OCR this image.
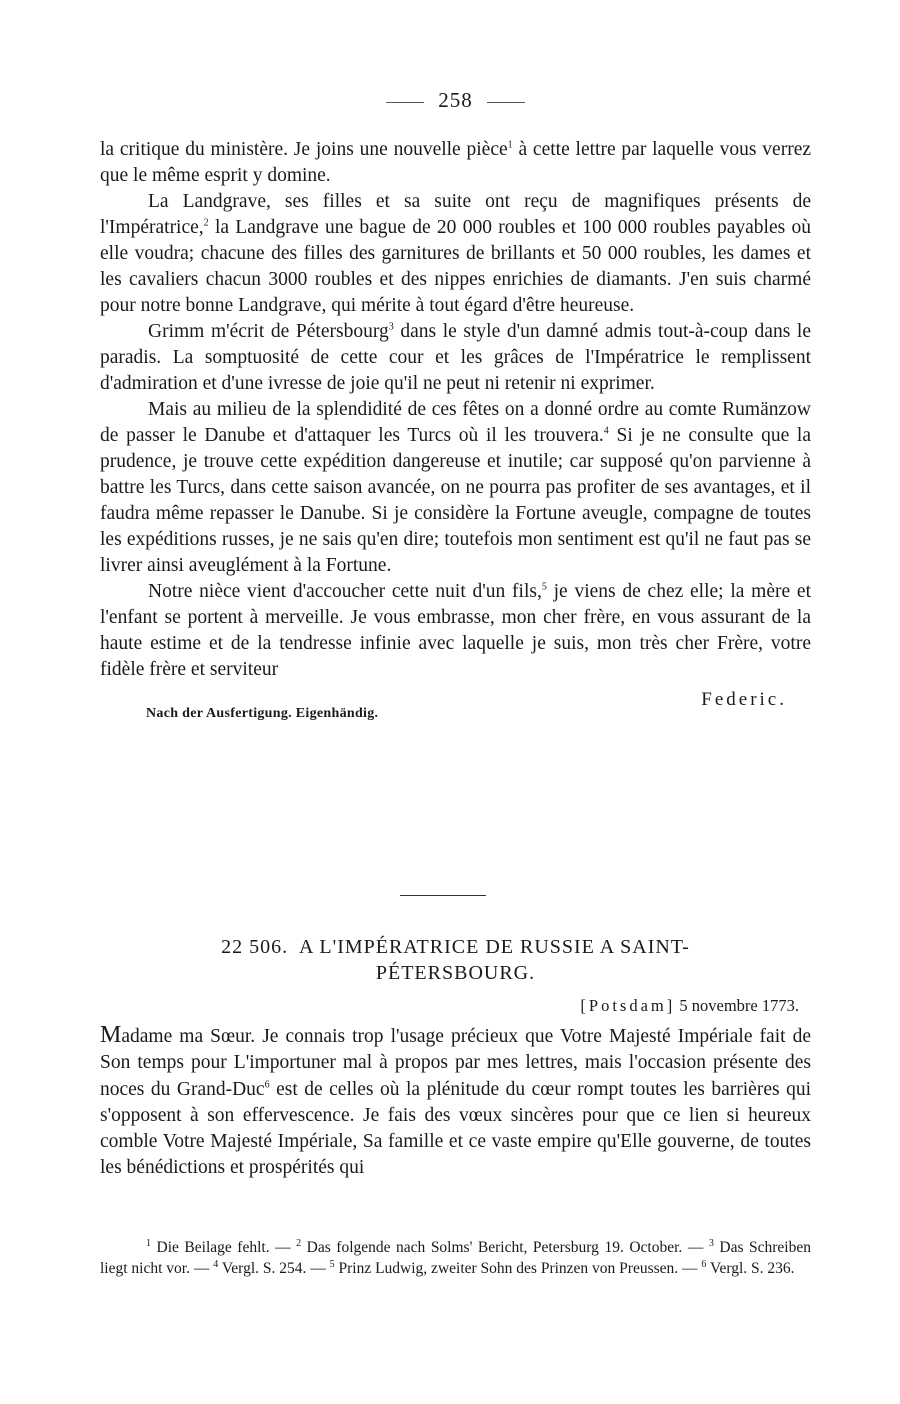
258

la critique du ministère. Je joins une nouvelle pièce$^1$ à cette lettre par laquelle vous verrez que le même esprit y domine.

La Landgrave, ses filles et sa suite ont reçu de magnifiques présents de l'Impératrice,$^2$ la Landgrave une bague de 20 000 roubles et 100 000 roubles payables où elle voudra; chacune des filles des garnitures de brillants et 50 000 roubles, les dames et les cavaliers chacun 3000 roubles et des nippes enrichies de diamants. J'en suis charmé pour notre bonne Landgrave, qui mérite à tout égard d'être heureuse.

Grimm m'écrit de Pétersbourg$^3$ dans le style d'un damné admis tout-à-coup dans le paradis. La somptuosité de cette cour et les grâces de l'Impératrice le remplissent d'admiration et d'une ivresse de joie qu'il ne peut ni retenir ni exprimer.

Mais au milieu de la splendidité de ces fêtes on a donné ordre au comte Rumänzow de passer le Danube et d'attaquer les Turcs où il les trouvera.$^4$ Si je ne consulte que la prudence, je trouve cette expédition dangereuse et inutile; car supposé qu'on parvienne à battre les Turcs, dans cette saison avancée, on ne pourra pas profiter de ses avantages, et il faudra même repasser le Danube. Si je considère la Fortune aveugle, compagne de toutes les expéditions russes, je ne sais qu'en dire; toutefois mon sentiment est qu'il ne faut pas se livrer ainsi aveuglément à la Fortune.

Notre nièce vient d'accoucher cette nuit d'un fils,$^5$ je viens de chez elle; la mère et l'enfant se portent à merveille. Je vous embrasse, mon cher frère, en vous assurant de la haute estime et de la tendresse infinie avec laquelle je suis, mon très cher Frère, votre fidèle frère et serviteur

Federic.
Nach der Ausfertigung. Eigenhändig.
22 506. A L'IMPÉRATRICE DE RUSSIE A SAINT-
PÉTERSBOURG.
[Potsdam] 5 novembre 1773.

Madame ma Sœur. Je connais trop l'usage précieux que Votre Majesté Impériale fait de Son temps pour L'importuner mal à propos par mes lettres, mais l'occasion présente des noces du Grand-Duc$^6$ est de celles où la plénitude du cœur rompt toutes les barrières qui s'opposent à son effervescence. Je fais des vœux sincères pour que ce lien si heureux comble Votre Majesté Impériale, Sa famille et ce vaste empire qu'Elle gouverne, de toutes les bénédictions et prospérités qui

$^1$ Die Beilage fehlt. — $^2$ Das folgende nach Solms' Bericht, Petersburg 19. October. — $^3$ Das Schreiben liegt nicht vor. — $^4$ Vergl. S. 254. — $^5$ Prinz Ludwig, zweiter Sohn des Prinzen von Preussen. — $^6$ Vergl. S. 236.
